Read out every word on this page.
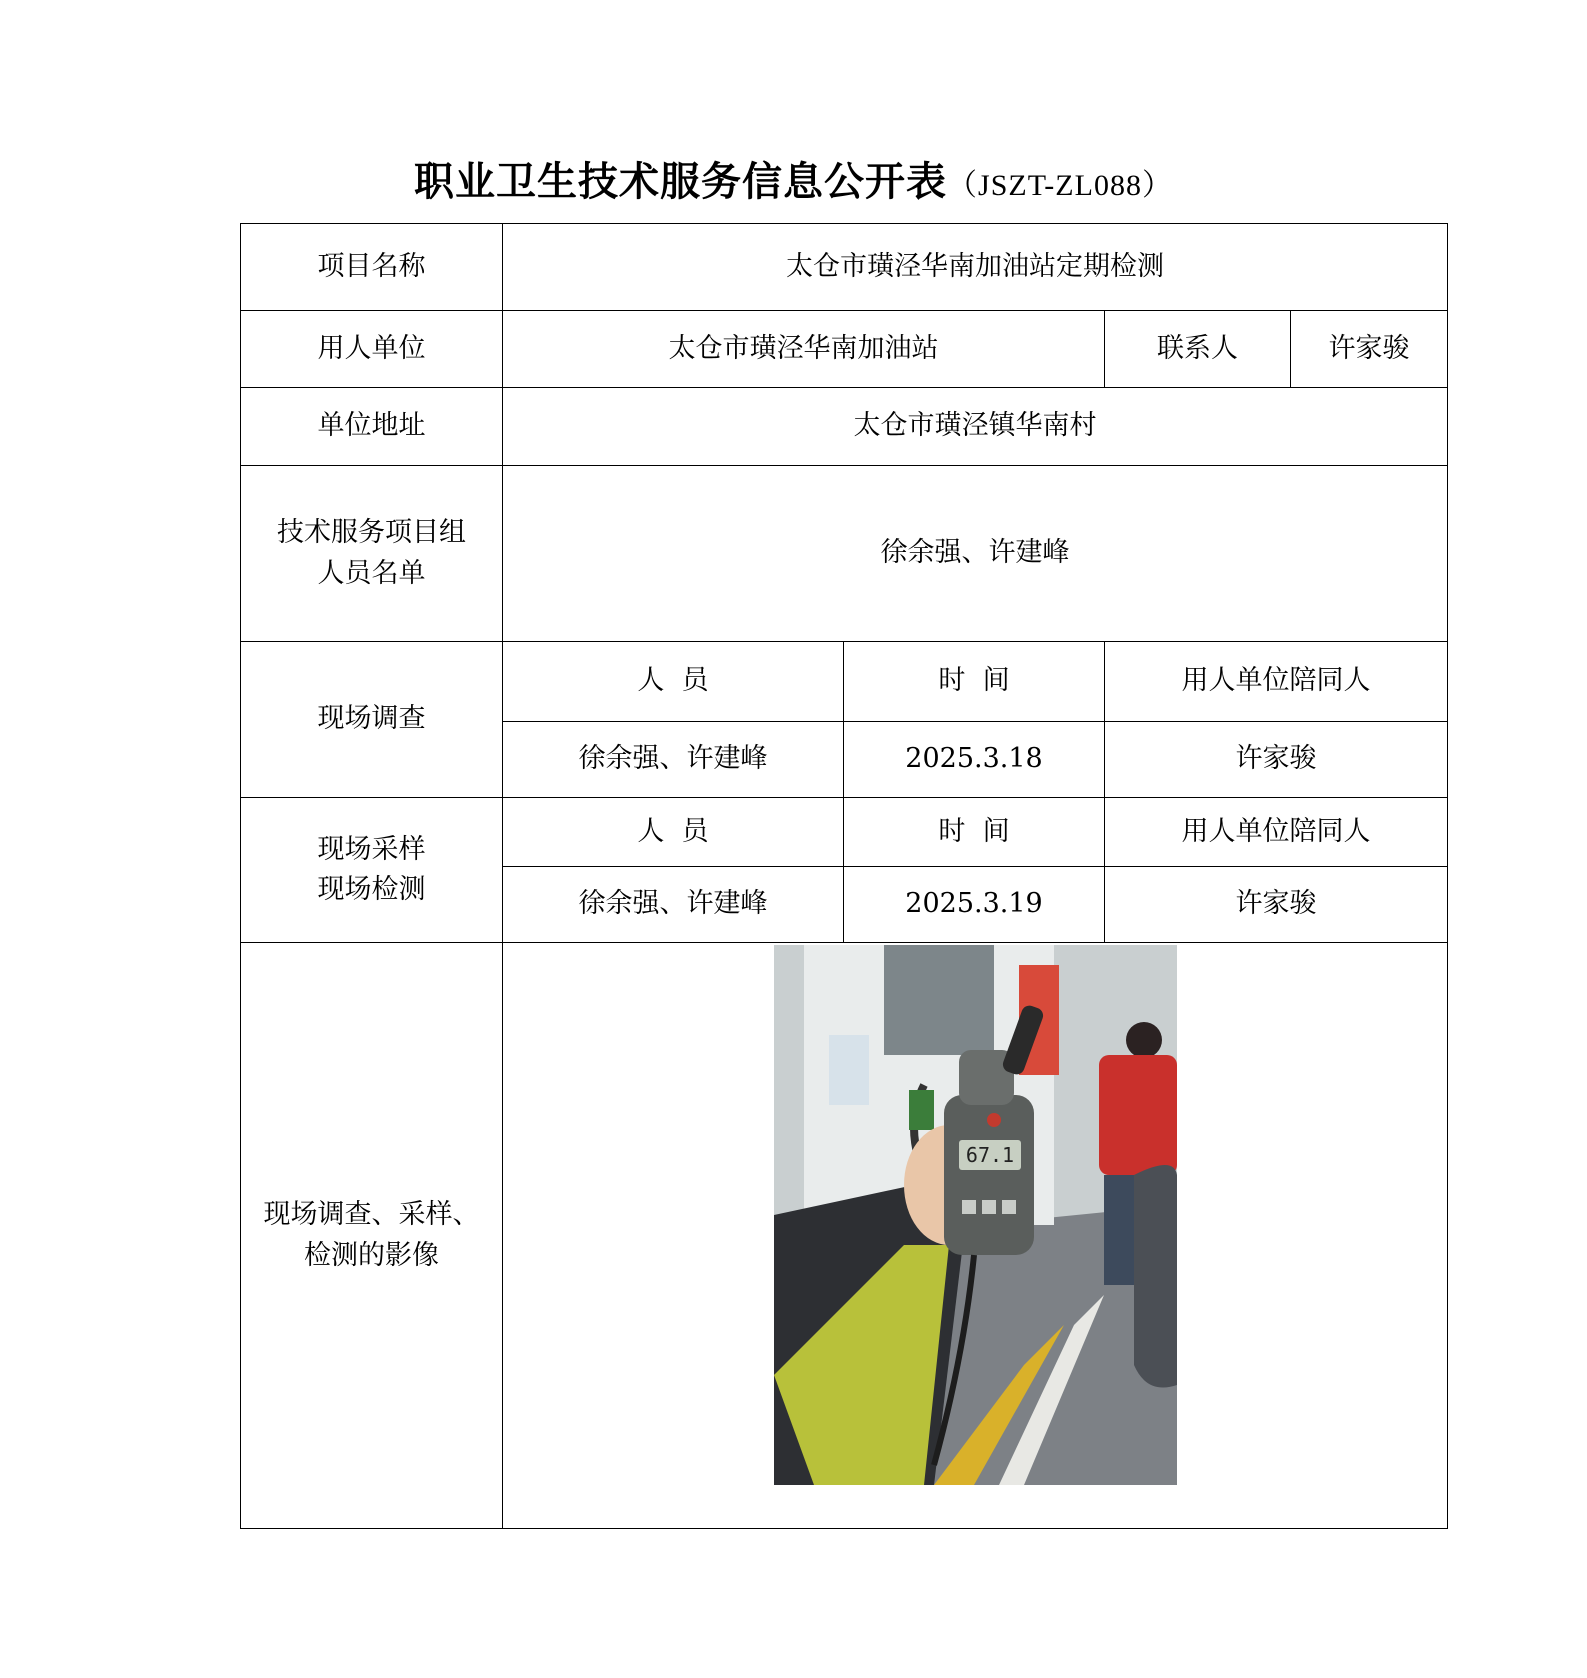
职业卫生技术服务信息公开表（JSZT-ZL088）
项目名称	太仓市璜泾华南加油站定期检测			
用人单位	太仓市璜泾华南加油站		联系人	许家骏
单位地址	太仓市璜泾镇华南村			

技术服务项目组
人员名单	徐余强、许建峰			
现场调查	人  员	时  间	用人单位陪同人	
	徐余强、许建峰	2025.3.18	许家骏	

现场采样
现场检测	人  员	时  间	用人单位陪同人	
	徐余强、许建峰	2025.3.19	许家骏	

现场调查、采样、
检测的影像	67.1			
